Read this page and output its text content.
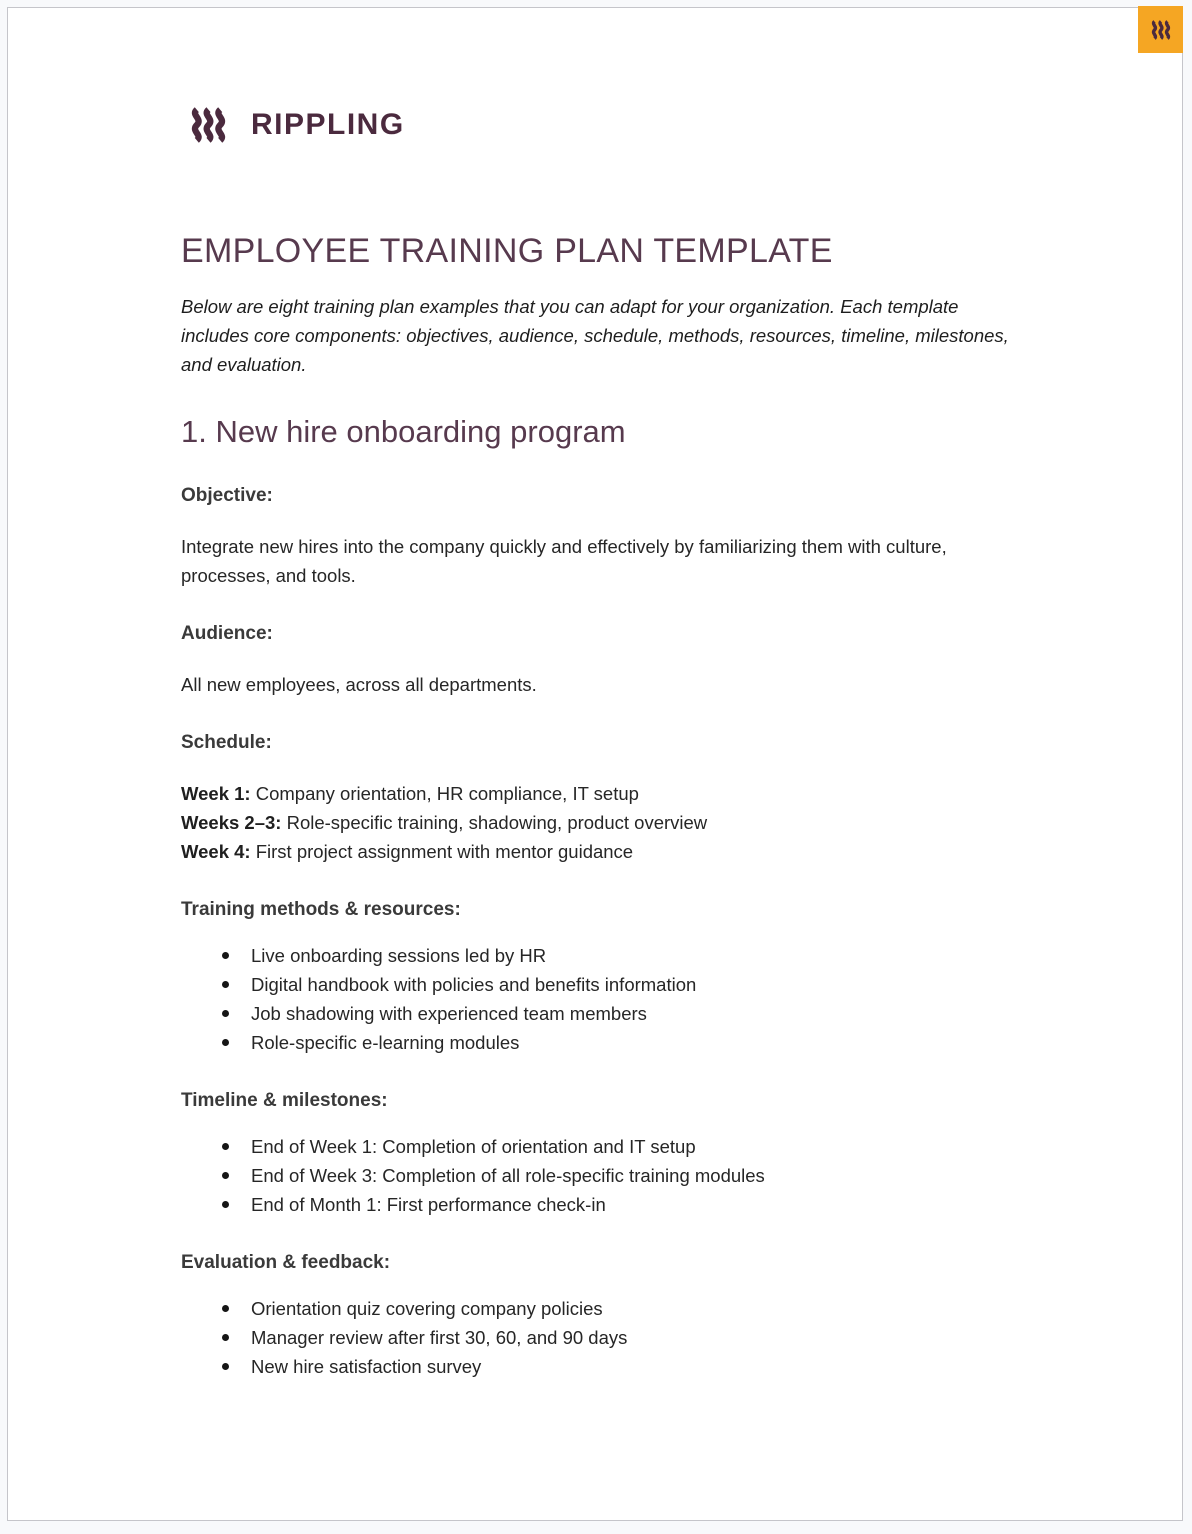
RIPPLING
EMPLOYEE TRAINING PLAN TEMPLATE

Below are eight training plan examples that you can adapt for your organization. Each template includes core components: objectives, audience, schedule, methods, resources, timeline, milestones, and evaluation.

1. New hire onboarding program
Objective:

Integrate new hires into the company quickly and effectively by familiarizing them with culture, processes, and tools.

Audience:

All new employees, across all departments.

Schedule:
Week 1: Company orientation, HR compliance, IT setup
Weeks 2–3: Role-specific training, shadowing, product overview
Week 4: First project assignment with mentor guidance
Training methods & resources:
Live onboarding sessions led by HR
Digital handbook with policies and benefits information
Job shadowing with experienced team members
Role-specific e-learning modules
Timeline & milestones:
End of Week 1: Completion of orientation and IT setup
End of Week 3: Completion of all role-specific training modules
End of Month 1: First performance check-in
Evaluation & feedback:
Orientation quiz covering company policies
Manager review after first 30, 60, and 90 days
New hire satisfaction survey
